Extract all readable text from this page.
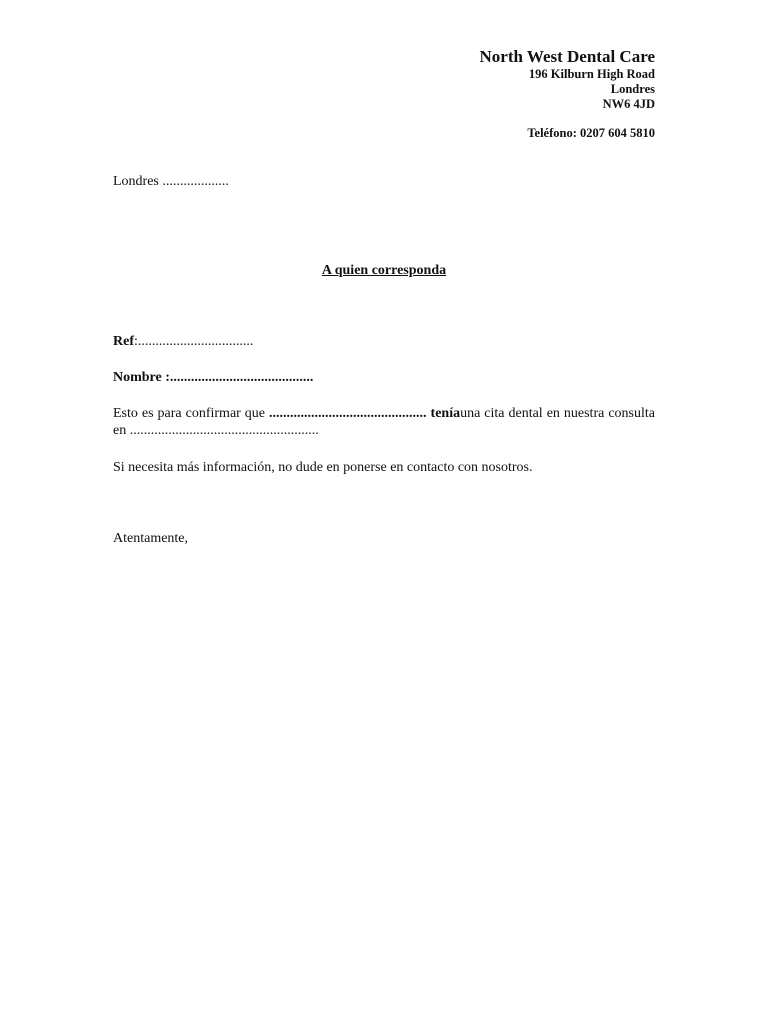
North West Dental Care
196 Kilburn High Road
Londres
NW6 4JD
Teléfono: 0207 604 5810
Londres ...................
A quien corresponda
Ref:.................................
Nombre :.........................................
Esto es para confirmar que ............................................. teníauna cita dental en nuestra consulta en ......................................................
Si necesita más información, no dude en ponerse en contacto con nosotros.
Atentamente,
